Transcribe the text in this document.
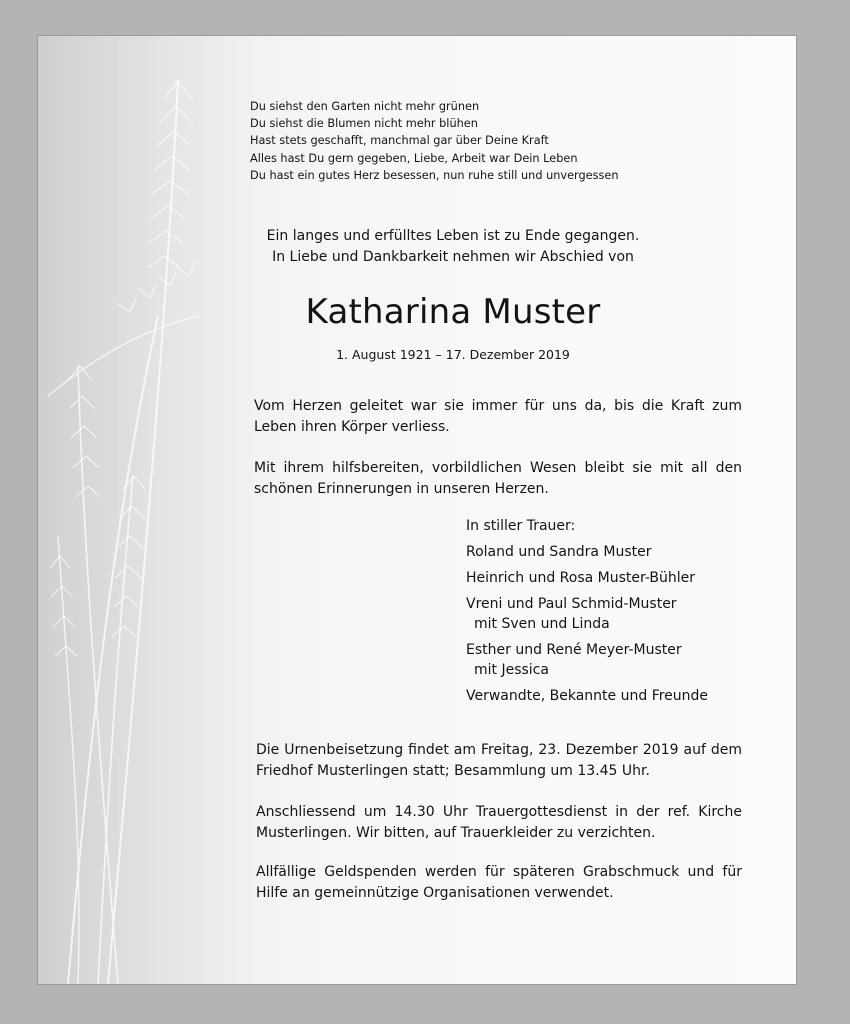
Du siehst den Garten nicht mehr grünen
Du siehst die Blumen nicht mehr blühen
Hast stets geschafft, manchmal gar über Deine Kraft
Alles hast Du gern gegeben, Liebe, Arbeit war Dein Leben
Du hast ein gutes Herz besessen, nun ruhe still und unvergessen
Ein langes und erfülltes Leben ist zu Ende gegangen.
In Liebe und Dankbarkeit nehmen wir Abschied von
Katharina Muster
1. August 1921 – 17. Dezember 2019

Vom Herzen geleitet war sie immer für uns da, bis die Kraft zum Leben ihren Körper verliess.

Mit ihrem hilfsbereiten, vorbildlichen Wesen bleibt sie mit all den schönen Erinnerungen in unseren Herzen.

In stiller Trauer:
Roland und Sandra Muster
Heinrich und Rosa Muster-Bühler
Vreni und Paul Schmid-Muster
mit Sven und Linda
Esther und René Meyer-Muster
mit Jessica
Verwandte, Bekannte und Freunde

Die Urnenbeisetzung findet am Freitag, 23. Dezember 2019 auf dem Friedhof Musterlingen statt; Besammlung um 13.45 Uhr.

Anschliessend um 14.30 Uhr Trauergottesdienst in der ref. Kirche Musterlingen. Wir bitten, auf Trauerkleider zu verzichten.

Allfällige Geldspenden werden für späteren Grabschmuck und für Hilfe an gemeinnützige Organisationen verwendet.
